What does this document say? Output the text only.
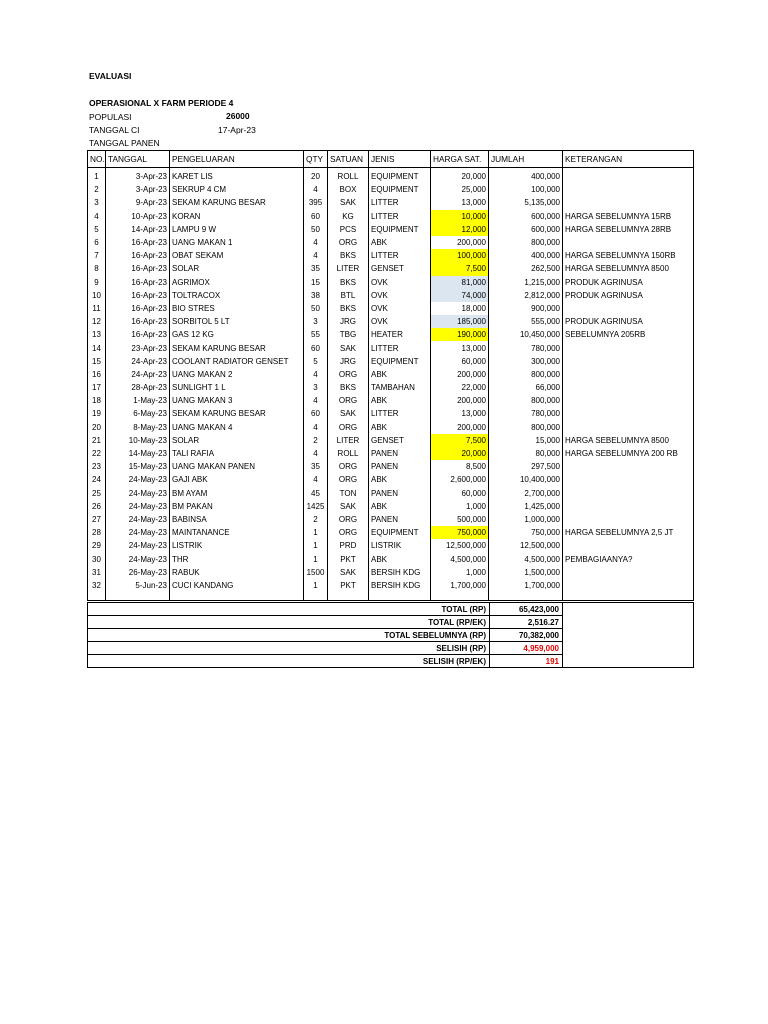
EVALUASI
OPERASIONAL X FARM PERIODE 4
POPULASI	26000
TANGGAL CI	17-Apr-23
TANGGAL PANEN
NO.	TANGGAL	PENGELUARAN	QTY	SATUAN	JENIS	HARGA SAT.	JUMLAH	KETERANGAN
1	3-Apr-23	KARET LIS	20	ROLL	EQUIPMENT	20,000	400,000	
2	3-Apr-23	SEKRUP 4 CM	4	BOX	EQUIPMENT	25,000	100,000	
3	9-Apr-23	SEKAM KARUNG BESAR	395	SAK	LITTER	13,000	5,135,000	
4	10-Apr-23	KORAN	60	KG	LITTER	10,000	600,000	HARGA SEBELUMNYA 15RB
5	14-Apr-23	LAMPU 9 W	50	PCS	EQUIPMENT	12,000	600,000	HARGA SEBELUMNYA 28RB
6	16-Apr-23	UANG MAKAN 1	4	ORG	ABK	200,000	800,000	
7	16-Apr-23	OBAT SEKAM	4	BKS	LITTER	100,000	400,000	HARGA SEBELUMNYA 150RB
8	16-Apr-23	SOLAR	35	LITER	GENSET	7,500	262,500	HARGA SEBELUMNYA 8500
9	16-Apr-23	AGRIMOX	15	BKS	OVK	81,000	1,215,000	PRODUK AGRINUSA
10	16-Apr-23	TOLTRACOX	38	BTL	OVK	74,000	2,812,000	PRODUK AGRINUSA
11	16-Apr-23	BIO STRES	50	BKS	OVK	18,000	900,000	
12	16-Apr-23	SORBITOL 5 LT	3	JRG	OVK	185,000	555,000	PRODUK AGRINUSA
13	16-Apr-23	GAS 12 KG	55	TBG	HEATER	190,000	10,450,000	SEBELUMNYA 205RB
14	23-Apr-23	SEKAM KARUNG BESAR	60	SAK	LITTER	13,000	780,000	
15	24-Apr-23	COOLANT RADIATOR GENSET	5	JRG	EQUIPMENT	60,000	300,000	
16	24-Apr-23	UANG MAKAN 2	4	ORG	ABK	200,000	800,000	
17	28-Apr-23	SUNLIGHT 1 L	3	BKS	TAMBAHAN	22,000	66,000	
18	1-May-23	UANG MAKAN 3	4	ORG	ABK	200,000	800,000	
19	6-May-23	SEKAM KARUNG BESAR	60	SAK	LITTER	13,000	780,000	
20	8-May-23	UANG MAKAN 4	4	ORG	ABK	200,000	800,000	
21	10-May-23	SOLAR	2	LITER	GENSET	7,500	15,000	HARGA SEBELUMNYA 8500
22	14-May-23	TALI RAFIA	4	ROLL	PANEN	20,000	80,000	HARGA SEBELUMNYA 200 RB
23	15-May-23	UANG MAKAN PANEN	35	ORG	PANEN	8,500	297,500	
24	24-May-23	GAJI ABK	4	ORG	ABK	2,600,000	10,400,000	
25	24-May-23	BM AYAM	45	TON	PANEN	60,000	2,700,000	
26	24-May-23	BM PAKAN	1425	SAK	ABK	1,000	1,425,000	
27	24-May-23	BABINSA	2	ORG	PANEN	500,000	1,000,000	
28	24-May-23	MAINTANANCE	1	ORG	EQUIPMENT	750,000	750,000	HARGA SEBELUMNYA 2,5 JT
29	24-May-23	LISTRIK	1	PRD	LISTRIK	12,500,000	12,500,000	
30	24-May-23	THR	1	PKT	ABK	4,500,000	4,500,000	PEMBAGIAANYA?
31	26-May-23	RABUK	1500	SAK	BERSIH KDG	1,000	1,500,000	
32	5-Jun-23	CUCI KANDANG	1	PKT	BERSIH KDG	1,700,000	1,700,000	

TOTAL (RP)	65,423,000	
TOTAL (RP/EK)	2,516.27	
TOTAL SEBELUMNYA (RP)	70,382,000	
SELISIH (RP)	4,959,000	
SELISIH (RP/EK)	191	
